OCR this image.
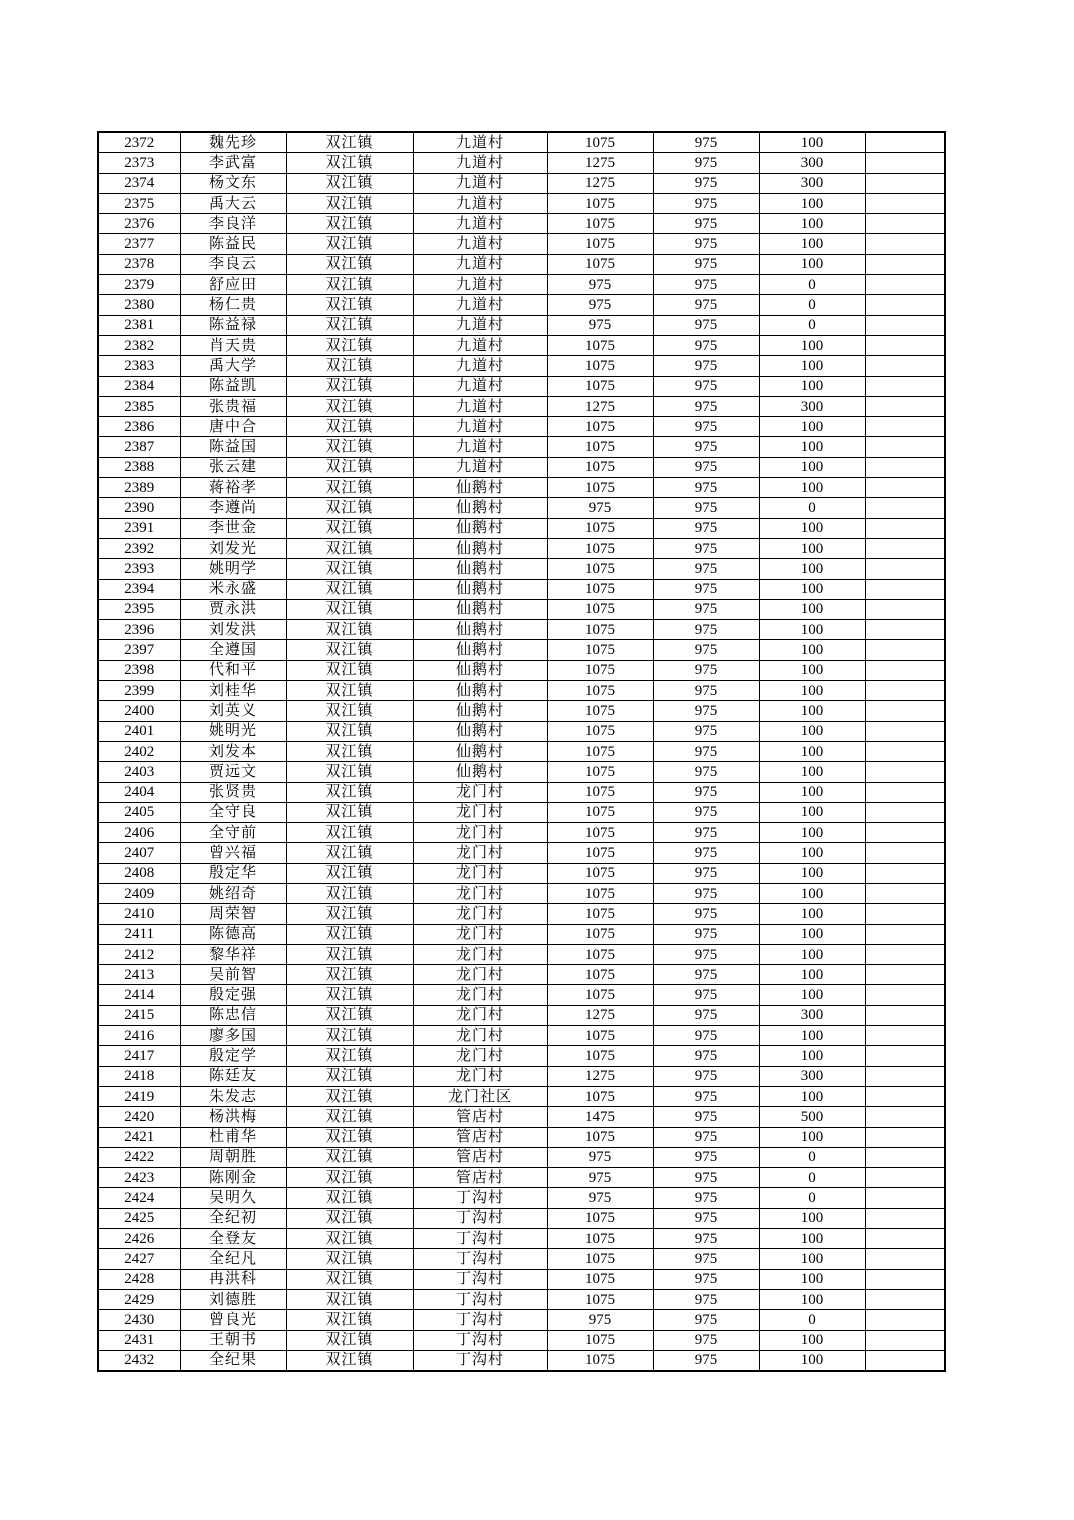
2372	魏先珍	双江镇	九道村	1075	975	100	
2373	李武富	双江镇	九道村	1275	975	300	
2374	杨文东	双江镇	九道村	1275	975	300	
2375	禹大云	双江镇	九道村	1075	975	100	
2376	李良洋	双江镇	九道村	1075	975	100	
2377	陈益民	双江镇	九道村	1075	975	100	
2378	李良云	双江镇	九道村	1075	975	100	
2379	舒应田	双江镇	九道村	975	975	0	
2380	杨仁贵	双江镇	九道村	975	975	0	
2381	陈益禄	双江镇	九道村	975	975	0	
2382	肖天贵	双江镇	九道村	1075	975	100	
2383	禹大学	双江镇	九道村	1075	975	100	
2384	陈益凯	双江镇	九道村	1075	975	100	
2385	张贵福	双江镇	九道村	1275	975	300	
2386	唐中合	双江镇	九道村	1075	975	100	
2387	陈益国	双江镇	九道村	1075	975	100	
2388	张云建	双江镇	九道村	1075	975	100	
2389	蒋裕孝	双江镇	仙鹅村	1075	975	100	
2390	李遵尚	双江镇	仙鹅村	975	975	0	
2391	李世金	双江镇	仙鹅村	1075	975	100	
2392	刘发光	双江镇	仙鹅村	1075	975	100	
2393	姚明学	双江镇	仙鹅村	1075	975	100	
2394	米永盛	双江镇	仙鹅村	1075	975	100	
2395	贾永洪	双江镇	仙鹅村	1075	975	100	
2396	刘发洪	双江镇	仙鹅村	1075	975	100	
2397	全遵国	双江镇	仙鹅村	1075	975	100	
2398	代和平	双江镇	仙鹅村	1075	975	100	
2399	刘桂华	双江镇	仙鹅村	1075	975	100	
2400	刘英义	双江镇	仙鹅村	1075	975	100	
2401	姚明光	双江镇	仙鹅村	1075	975	100	
2402	刘发本	双江镇	仙鹅村	1075	975	100	
2403	贾远文	双江镇	仙鹅村	1075	975	100	
2404	张贤贵	双江镇	龙门村	1075	975	100	
2405	全守良	双江镇	龙门村	1075	975	100	
2406	全守前	双江镇	龙门村	1075	975	100	
2407	曾兴福	双江镇	龙门村	1075	975	100	
2408	殷定华	双江镇	龙门村	1075	975	100	
2409	姚绍奇	双江镇	龙门村	1075	975	100	
2410	周荣智	双江镇	龙门村	1075	975	100	
2411	陈德高	双江镇	龙门村	1075	975	100	
2412	黎华祥	双江镇	龙门村	1075	975	100	
2413	吴前智	双江镇	龙门村	1075	975	100	
2414	殷定强	双江镇	龙门村	1075	975	100	
2415	陈忠信	双江镇	龙门村	1275	975	300	
2416	廖多国	双江镇	龙门村	1075	975	100	
2417	殷定学	双江镇	龙门村	1075	975	100	
2418	陈廷友	双江镇	龙门村	1275	975	300	
2419	朱发志	双江镇	龙门社区	1075	975	100	
2420	杨洪梅	双江镇	管店村	1475	975	500	
2421	杜甫华	双江镇	管店村	1075	975	100	
2422	周朝胜	双江镇	管店村	975	975	0	
2423	陈刚金	双江镇	管店村	975	975	0	
2424	吴明久	双江镇	丁沟村	975	975	0	
2425	全纪初	双江镇	丁沟村	1075	975	100	
2426	全登友	双江镇	丁沟村	1075	975	100	
2427	全纪凡	双江镇	丁沟村	1075	975	100	
2428	冉洪科	双江镇	丁沟村	1075	975	100	
2429	刘德胜	双江镇	丁沟村	1075	975	100	
2430	曾良光	双江镇	丁沟村	975	975	0	
2431	王朝书	双江镇	丁沟村	1075	975	100	
2432	全纪果	双江镇	丁沟村	1075	975	100	
